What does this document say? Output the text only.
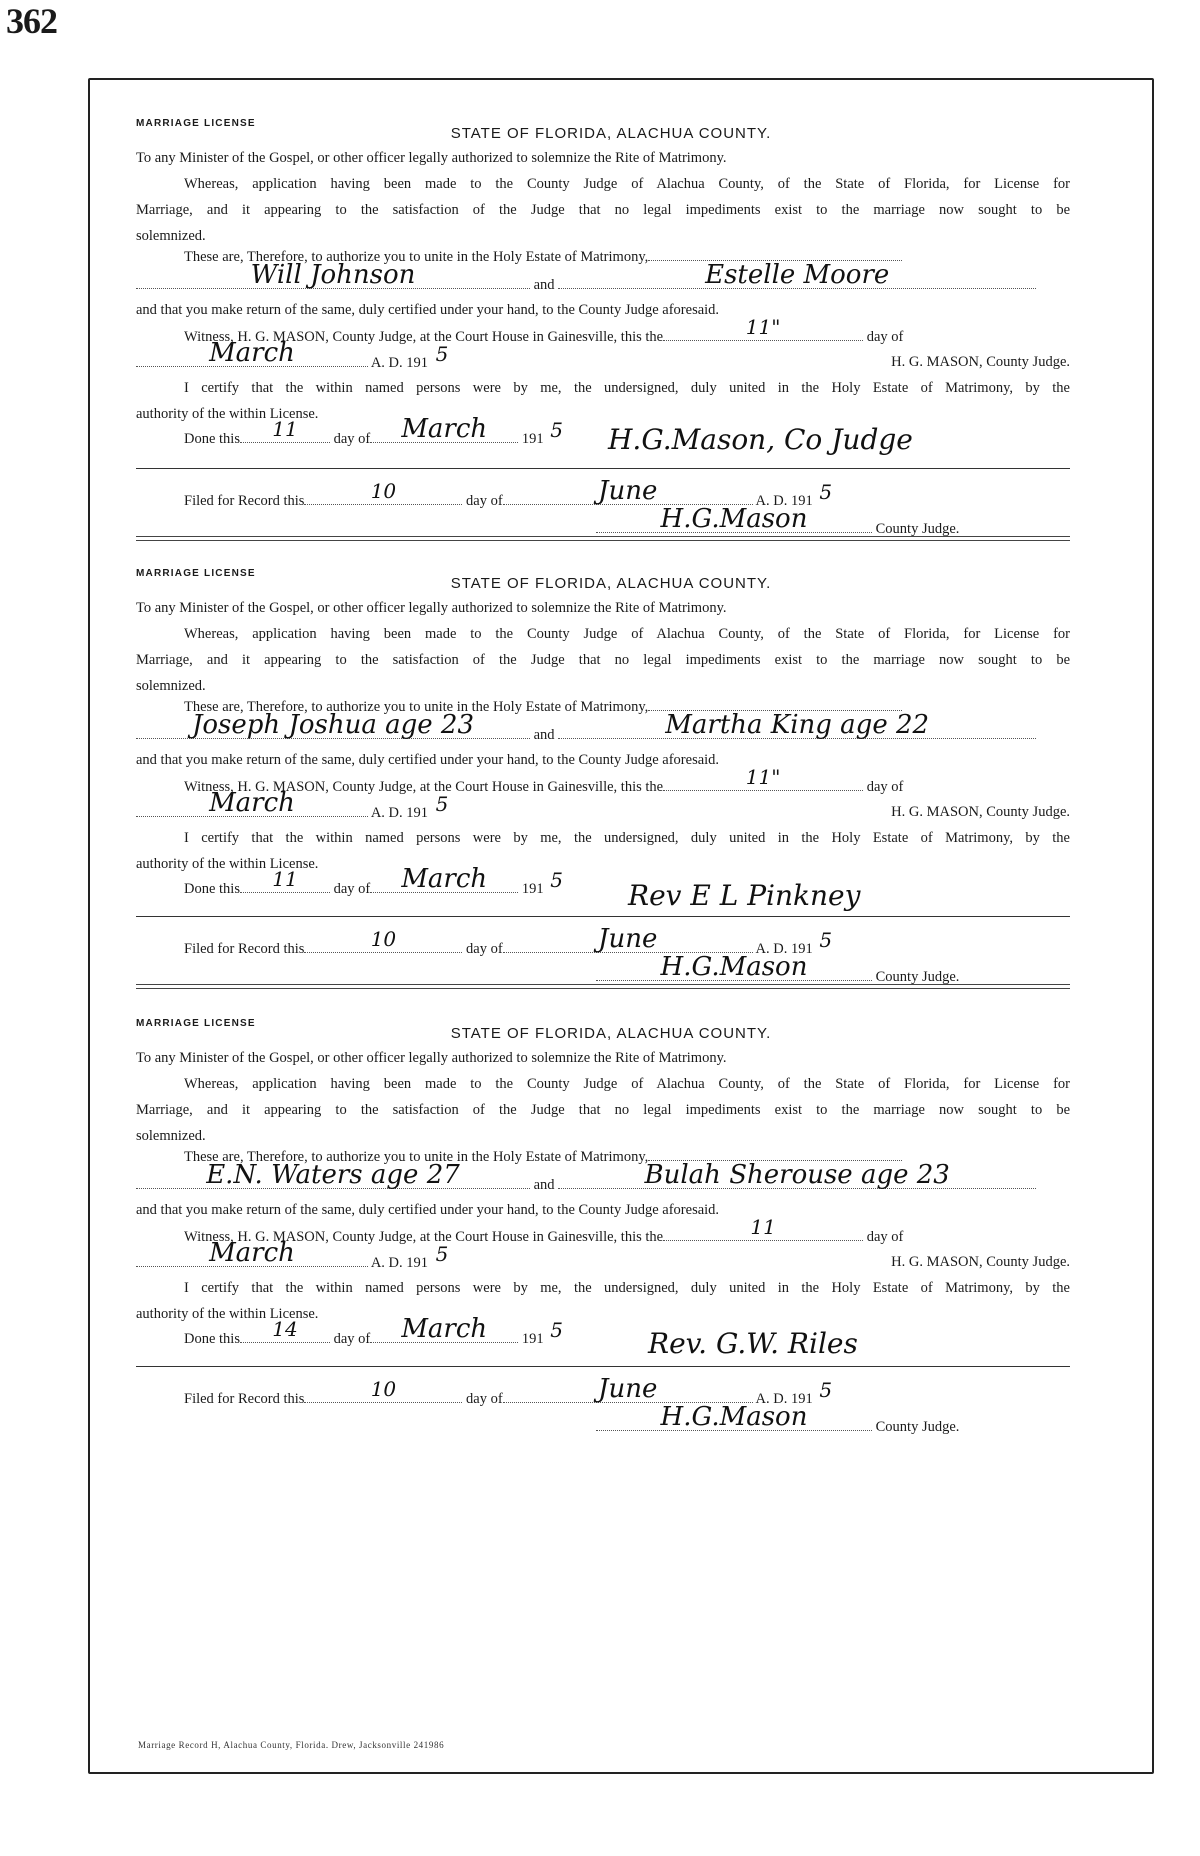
362
MARRIAGE LICENSE
STATE OF FLORIDA, ALACHUA COUNTY.
To any Minister of the Gospel, or other officer legally authorized to solemnize the Rite of Matrimony.
Whereas, application having been made to the County Judge of Alachua County, of the State of Florida, for License for
Marriage, and it appearing to the satisfaction of the Judge that no legal impediments exist to the marriage now sought to be
solemnized.
These are, Therefore, to authorize you to unite in the Holy Estate of Matrimony,
Will Johnson	and	Estelle Moore
and that you make return of the same, duly certified under your hand, to the County Judge aforesaid.
Witness, H. G. MASON, County Judge, at the Court House in Gainesville, this the	11"	day of
March	A. D. 191 5	H. G. MASON, County Judge.
I certify that the within named persons were by me, the undersigned, duly united in the Holy Estate of Matrimony, by the
authority of the within License.
Done this	11	day of	March	191 5 H.G.Mason, Co Judge
Filed for Record this	10	day of	June	A. D. 191 5
H.G.Mason	County Judge.
MARRIAGE LICENSE
STATE OF FLORIDA, ALACHUA COUNTY.
To any Minister of the Gospel, or other officer legally authorized to solemnize the Rite of Matrimony.
Whereas, application having been made to the County Judge of Alachua County, of the State of Florida, for License for
Marriage, and it appearing to the satisfaction of the Judge that no legal impediments exist to the marriage now sought to be
solemnized.
These are, Therefore, to authorize you to unite in the Holy Estate of Matrimony,
Joseph Joshua age 23	and	Martha King age 22
and that you make return of the same, duly certified under your hand, to the County Judge aforesaid.
Witness, H. G. MASON, County Judge, at the Court House in Gainesville, this the	11"	day of
March	A. D. 191 5	H. G. MASON, County Judge.
I certify that the within named persons were by me, the undersigned, duly united in the Holy Estate of Matrimony, by the
authority of the within License.
Done this	11	day of	March	191 5 Rev E L Pinkney
Filed for Record this	10	day of	June	A. D. 191 5
H.G.Mason	County Judge.
MARRIAGE LICENSE
STATE OF FLORIDA, ALACHUA COUNTY.
To any Minister of the Gospel, or other officer legally authorized to solemnize the Rite of Matrimony.
Whereas, application having been made to the County Judge of Alachua County, of the State of Florida, for License for
Marriage, and it appearing to the satisfaction of the Judge that no legal impediments exist to the marriage now sought to be
solemnized.
These are, Therefore, to authorize you to unite in the Holy Estate of Matrimony,
E.N. Waters age 27	and	Bulah Sherouse age 23
and that you make return of the same, duly certified under your hand, to the County Judge aforesaid.
Witness, H. G. MASON, County Judge, at the Court House in Gainesville, this the	11	day of
March	A. D. 191 5	H. G. MASON, County Judge.
I certify that the within named persons were by me, the undersigned, duly united in the Holy Estate of Matrimony, by the
authority of the within License.
Done this	14	day of	March	191 5	Rev. G.W. Riles
Filed for Record this	10	day of	June	A. D. 191 5
H.G.Mason	County Judge.
Marriage Record H, Alachua County, Florida. Drew, Jacksonville 241986
